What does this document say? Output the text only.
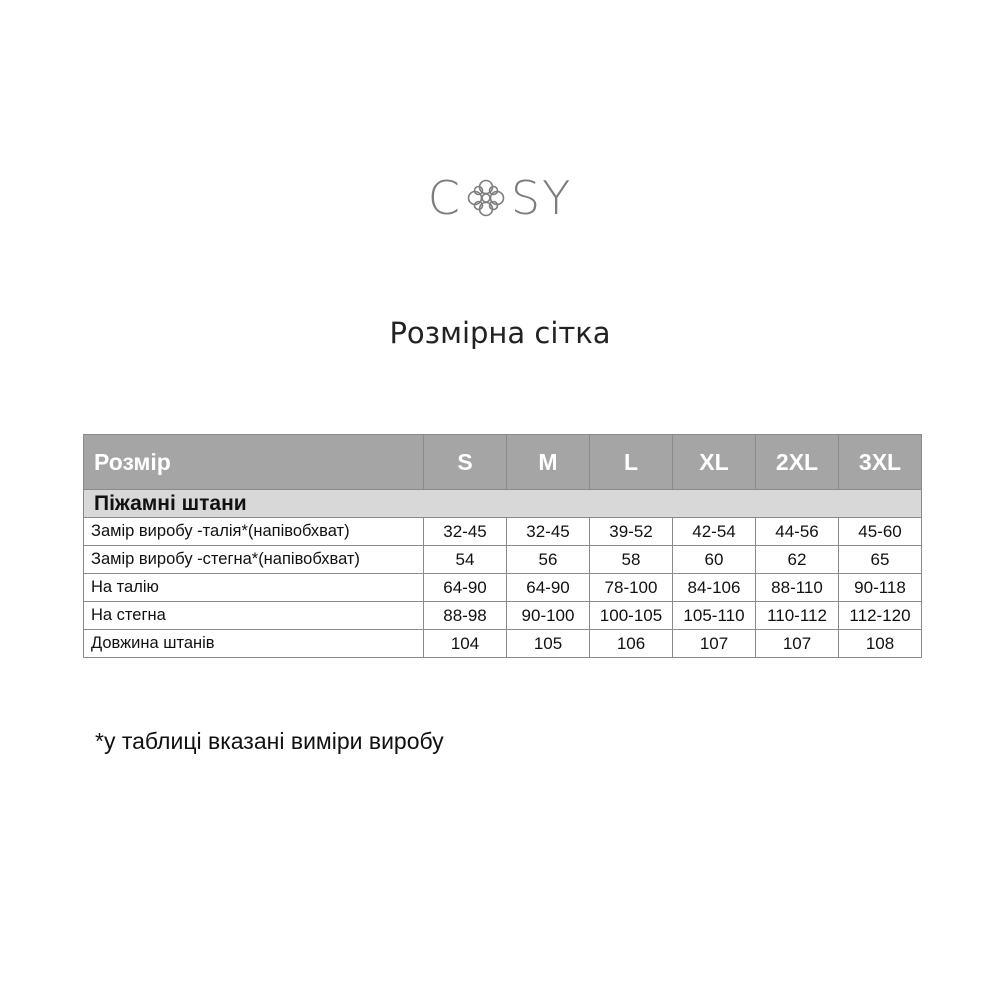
C SY
Розмірна сітка
Розмір	S	M	L	XL	2XL	3XL
Піжамні штани						
Замір виробу -талія*(напівобхват)	32-45	32-45	39-52	42-54	44-56	45-60
Замір виробу -стегна*(напівобхват)	54	56	58	60	62	65
На талію	64-90	64-90	78-100	84-106	88-110	90-118
На стегна	88-98	90-100	100-105	105-110	110-112	112-120
Довжина штанів	104	105	106	107	107	108
*у таблиці вказані виміри виробу
